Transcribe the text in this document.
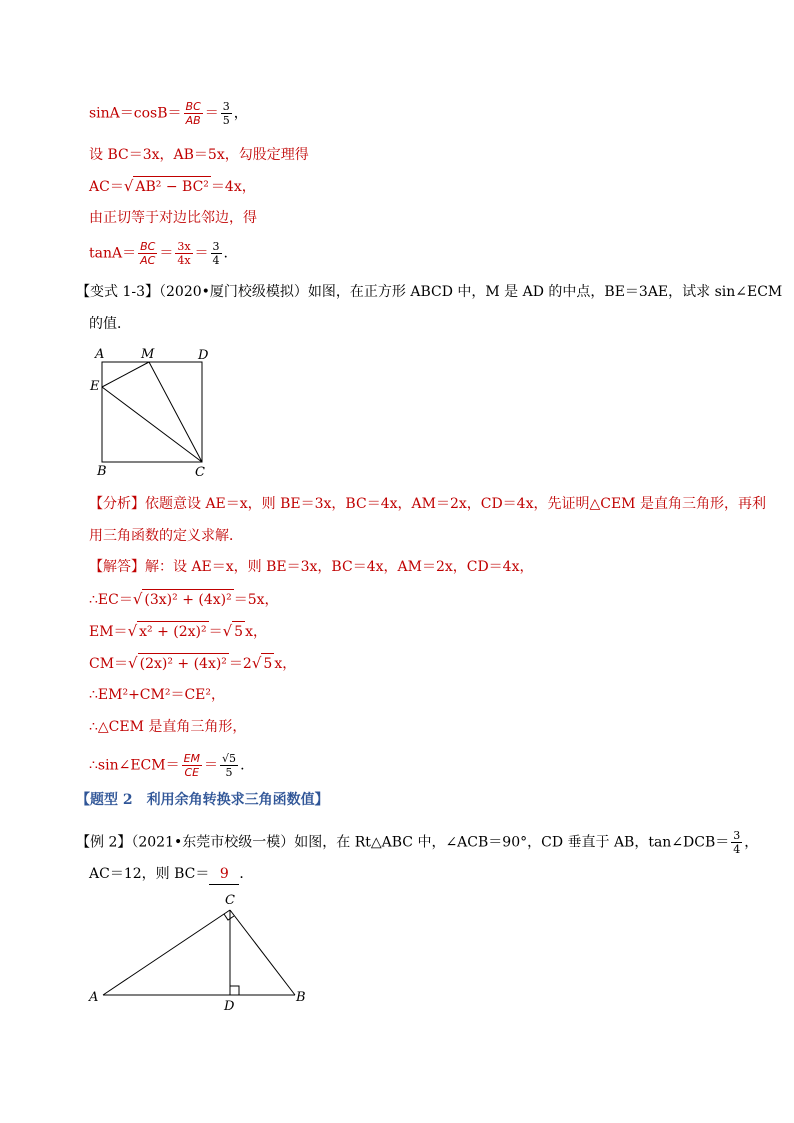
$\sin A=\cos B= \frac{BC}{AB} = \frac{3}{5}$ ，
设 BC＝3x，AB＝5x，勾股定理得
AC＝√ AB² − BC² ＝4x，
由正切等于对边比邻边，得
$\tan A= \frac{BC}{AC} = \frac{3x}{4x} = \frac{3}{4}$ .
【变式 1-3】（2020•厦门校级模拟）如图，在正方形 ABCD 中，M 是 AD 的中点，BE＝3AE，试求 sin∠ECM
的值．
A	M	D
E
B	C
【分析】依题意设 AE＝x，则 BE＝3x，BC＝4x，AM＝2x，CD＝4x，先证明△CEM 是直角三角形，再利
用三角函数的定义求解．
【解答】解：设 AE＝x，则 BE＝3x，BC＝4x，AM＝2x，CD＝4x，
∴EC＝√ (3x)² + (4x)² ＝5x，
EM＝√ x² + (2x)² ＝√ 5 x，
CM＝√ (2x)² + (4x)² ＝2√ 5 x，
∴EM²+CM²＝CE²，
∴△CEM 是直角三角形，
∴sin∠ECM＝ $\frac{EM}{CE} = \frac{√5}{5}$ .
【题型 2　利用余角转换求三角函数值】
【例 2】（2021•东莞市校级一模）如图，在 Rt△ABC 中，∠ACB＝90°，CD 垂直于 AB，tan∠DCB＝ $\frac{3}{4}$ ，
AC＝12，则 BC＝ 9 ．
A	B
C
D
